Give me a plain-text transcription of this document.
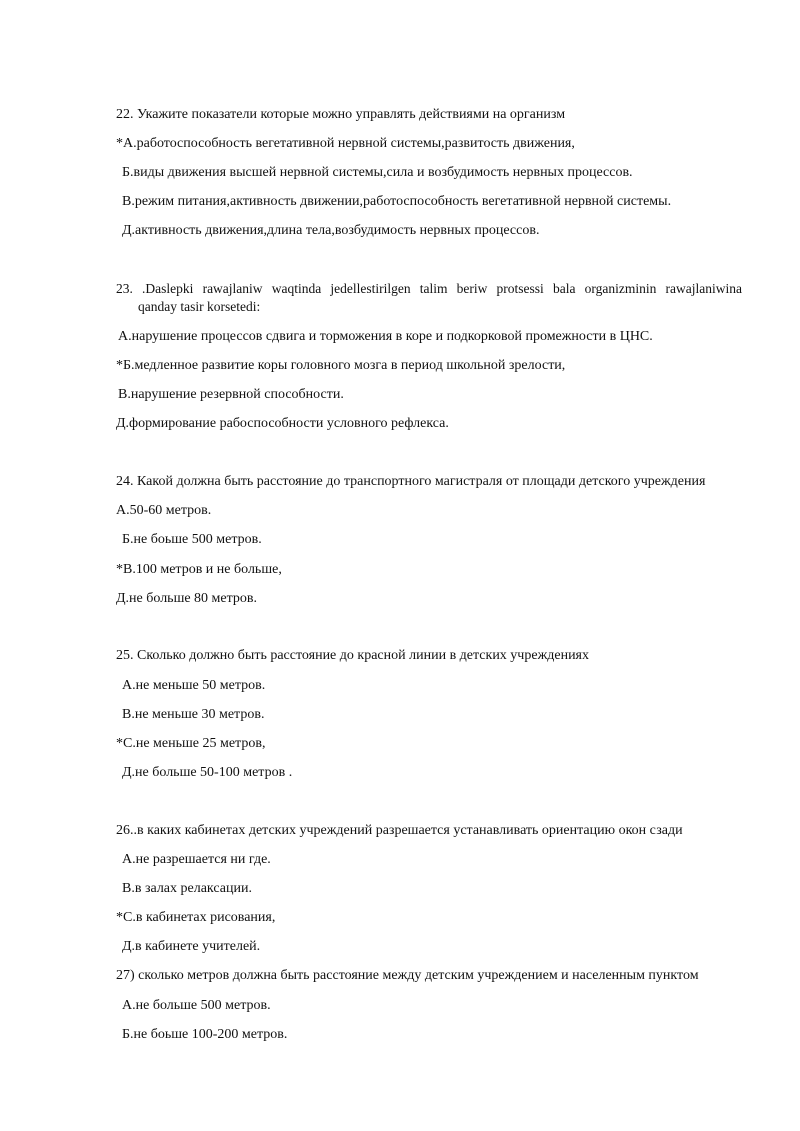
22. Укажите показатели которые можно управлять действиями на организм
*А.работоспособность вегетативной нервной системы,развитость движения,
Б.виды движения высшей нервной системы,сила и возбудимость нервных процессов.
В.режим питания,активность движении,работоспособность вегетативной нервной системы.
Д.активность движения,длина тела,возбудимость нервных процессов.
23. .Daslepki rawajlaniw waqtinda jedellestirilgen talim beriw protsessi bala organizminin rawajlaniwina
qanday tasir korsetedi:
А.нарушение процессов сдвига и торможения в коре и подкорковой промежности в ЦНС.
*Б.медленное развитие коры головного мозга в период школьной зрелости,
В.нарушение резервной способности.
Д.формирование рабоспособности условного рефлекса.
24. Какой должна быть расстояние до транспортного магистраля от площади детского учреждения
А.50-60 метров.
Б.не боьше 500 метров.
*В.100 метров и не больше,
Д.не больше 80 метров.
25. Сколько должно быть расстояние до красной линии в детских учреждениях
А.не меньше 50 метров.
В.не меньше 30 метров.
*С.не меньше 25 метров,
Д.не больше 50-100 метров .
26..в каких кабинетах детских учреждений разрешается устанавливать ориентацию окон сзади
А.не разрешается ни где.
В.в залах релаксации.
*С.в кабинетах рисования,
Д.в кабинете учителей.
27) сколько метров должна быть расстояние между детским учреждением и населенным пунктом
А.не больше 500 метров.
Б.не боьше 100-200 метров.
